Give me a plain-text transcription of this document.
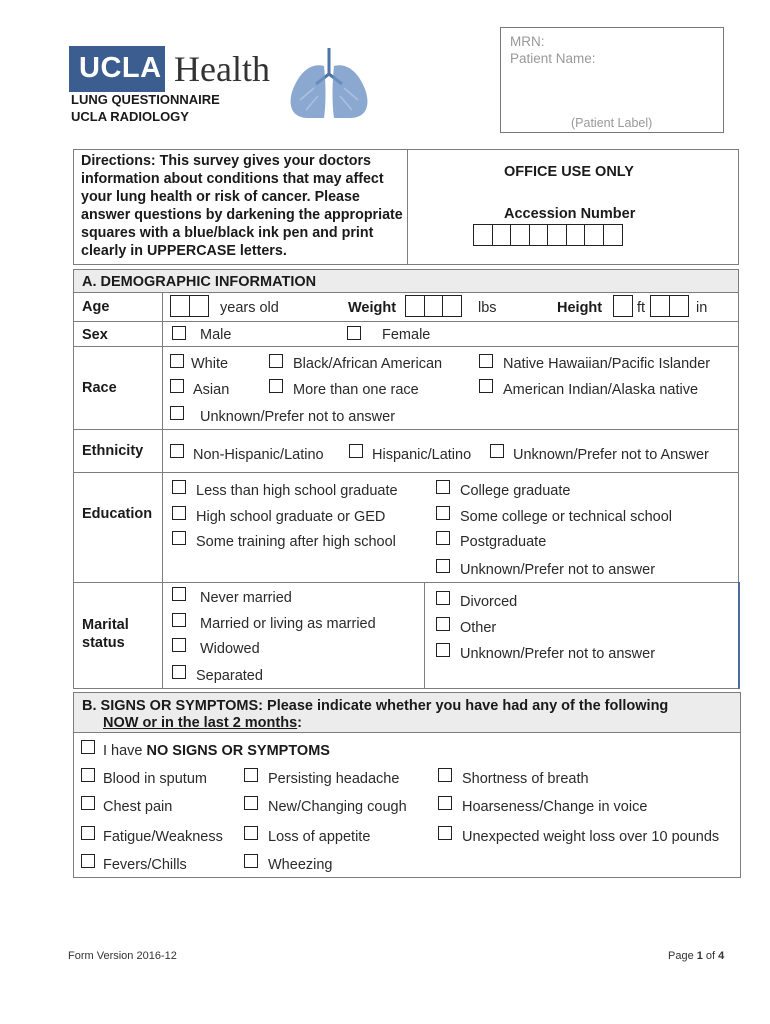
UCLA Health
LUNG QUESTIONNAIRE
UCLA RADIOLOGY
MRN:
Patient Name:
(Patient Label)
Directions: This survey gives your doctors information about conditions that may affect your lung health or risk of cancer. Please answer questions by darkening the appropriate squares with a blue/black ink pen and print clearly in UPPERCASE letters.
OFFICE USE ONLY
Accession Number
A. DEMOGRAPHIC INFORMATION
Age	years old	Weight	lbs	Height ft	in
Sex	Male	Female
Race
White	Black/African American	Native Hawaiian/Pacific Islander
Asian	More than one race	American Indian/Alaska native
Unknown/Prefer not to answer
Ethnicity	Non-Hispanic/Latino	Hispanic/Latino	Unknown/Prefer not to Answer
Education
Less than high school graduate	College graduate
High school graduate or GED	Some college or technical school
Some training after high school	Postgraduate
Unknown/Prefer not to answer
Marital
status
Never married	Divorced
Married or living as married	Other
Widowed	Unknown/Prefer not to answer
Separated
B. SIGNS OR SYMPTOMS: Please indicate whether you have had any of the following
NOW or in the last 2 months:
I have NO SIGNS OR SYMPTOMS
Blood in sputum	Persisting headache	Shortness of breath
Chest pain	New/Changing cough	Hoarseness/Change in voice
Fatigue/Weakness	Loss of appetite	Unexpected weight loss over 10 pounds
Fevers/Chills	Wheezing
Form Version 2016-12	Page 1 of 4
